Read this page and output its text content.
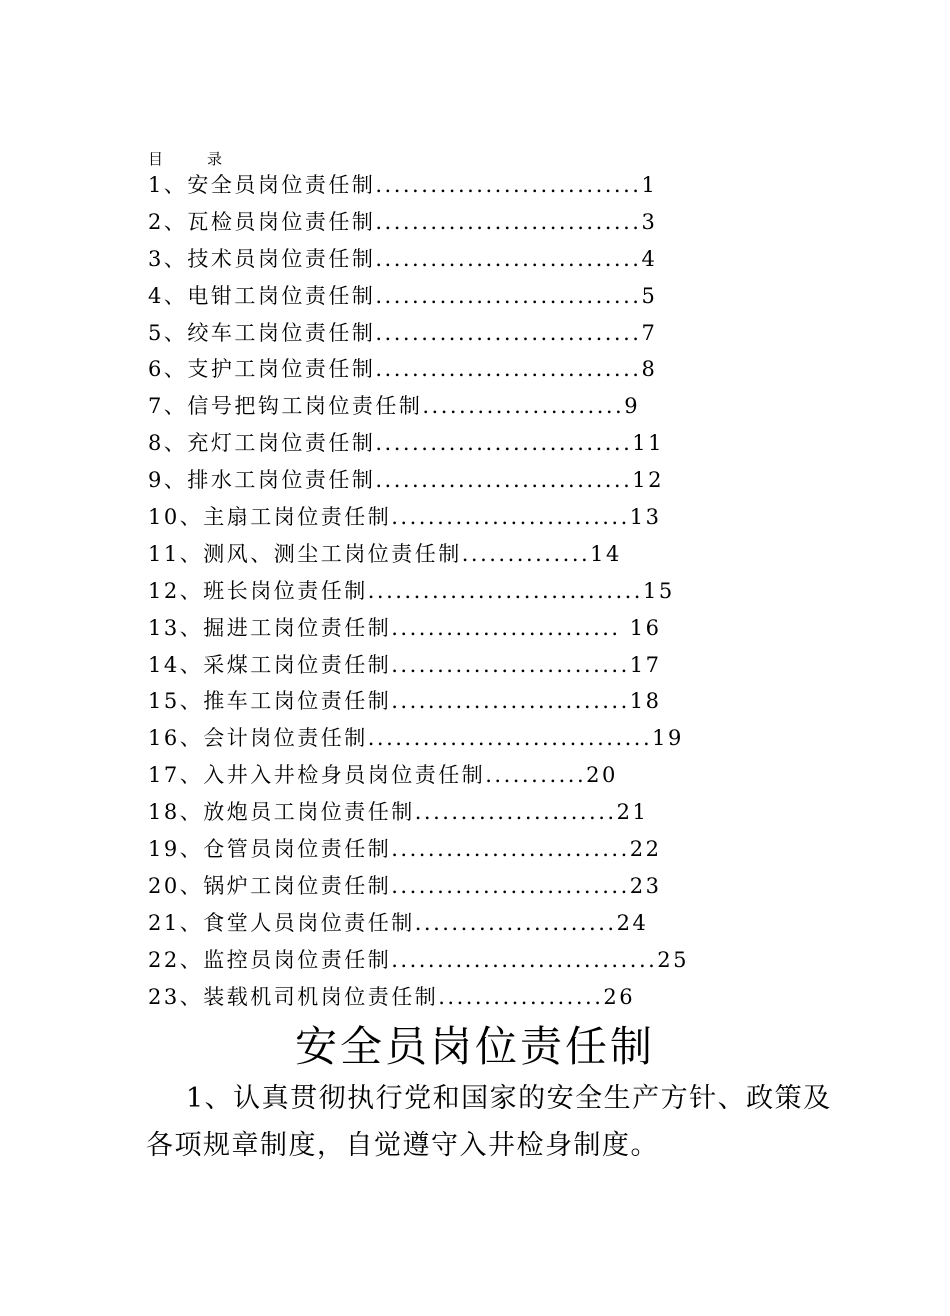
目	录
1、安全员岗位责任制.............................1
2、瓦检员岗位责任制.............................3
3、技术员岗位责任制.............................4
4、电钳工岗位责任制.............................5
5、绞车工岗位责任制.............................7
6、支护工岗位责任制.............................8
7、信号把钩工岗位责任制......................9
8、充灯工岗位责任制............................11
9、排水工岗位责任制............................12
10、主扇工岗位责任制..........................13
11、测风、测尘工岗位责任制..............14
12、班长岗位责任制..............................15
13、掘进工岗位责任制......................... 16
14、采煤工岗位责任制..........................17
15、推车工岗位责任制..........................18
16、会计岗位责任制...............................19
17、入井入井检身员岗位责任制...........20
18、放炮员工岗位责任制......................21
19、仓管员岗位责任制..........................22
20、锅炉工岗位责任制..........................23
21、食堂人员岗位责任制......................24
22、监控员岗位责任制.............................25
23、装载机司机岗位责任制..................26
安全员岗位责任制
1、认真贯彻执行党和国家的安全生产方针、政策及各项规章制度，自觉遵守入井检身制度。
